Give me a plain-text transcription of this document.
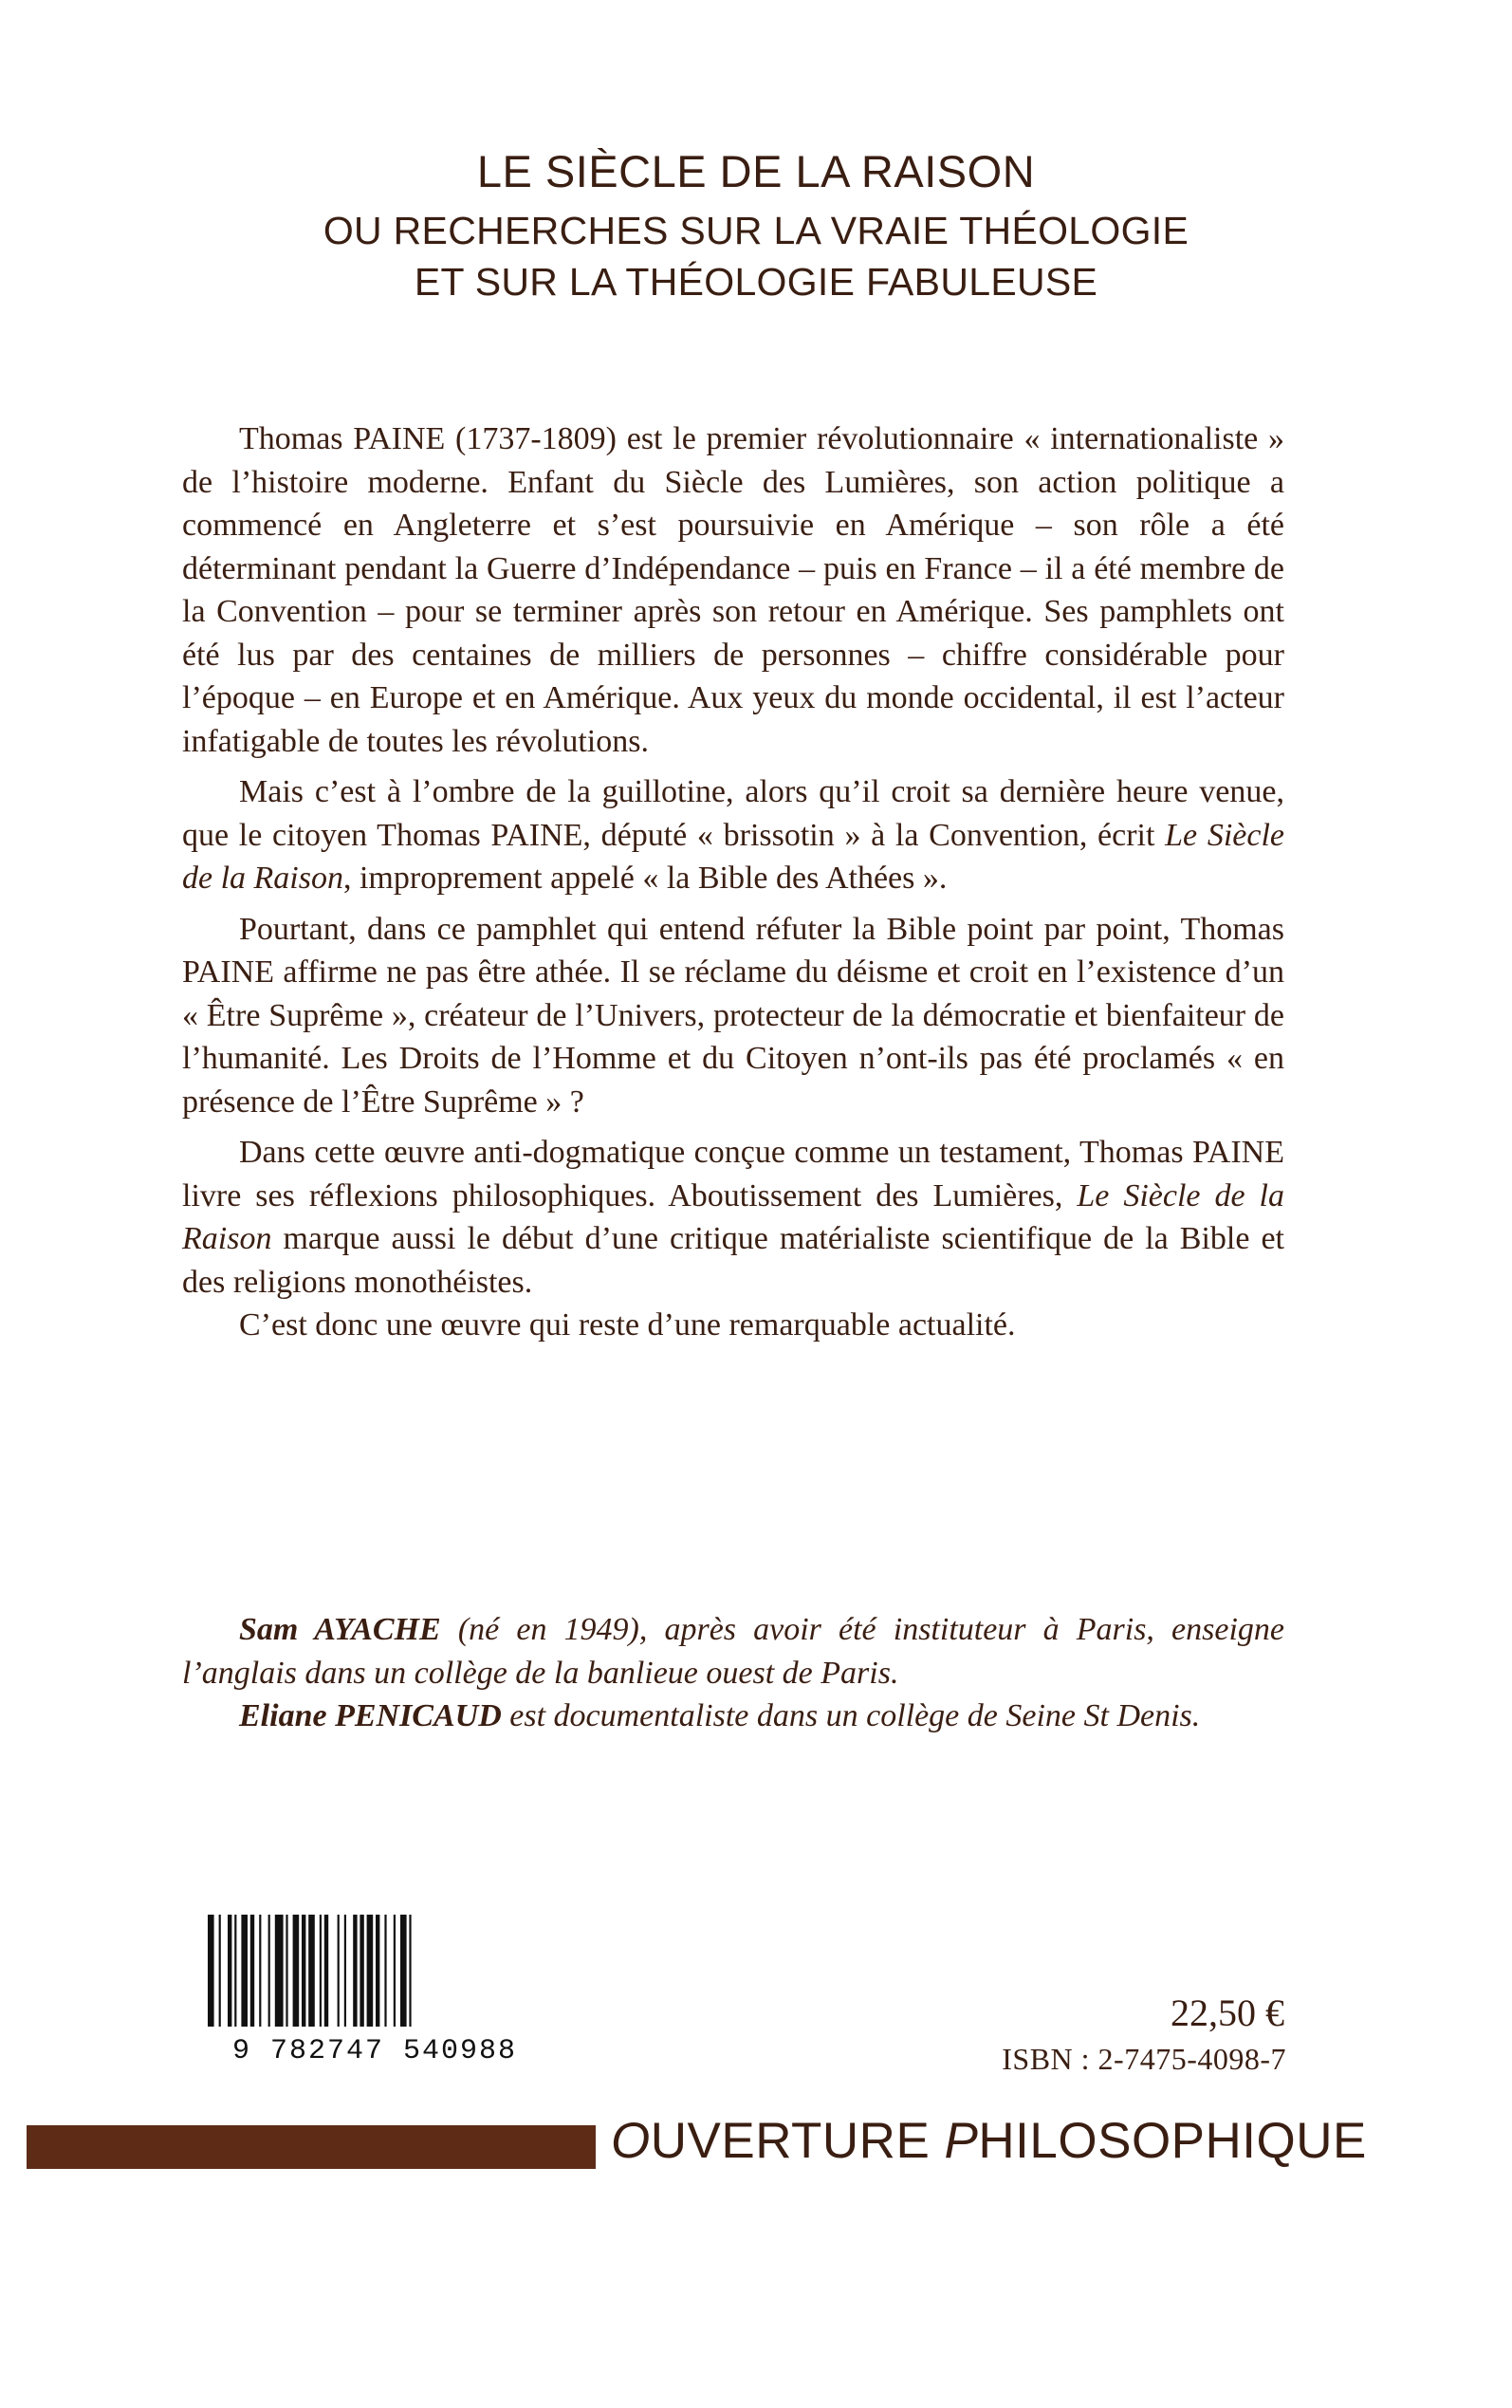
LE SIÈCLE DE LA RAISON
OU RECHERCHES SUR LA VRAIE THÉOLOGIE
ET SUR LA THÉOLOGIE FABULEUSE

Thomas PAINE (1737-1809) est le premier révolutionnaire « internationaliste » de l’histoire moderne. Enfant du Siècle des Lumières, son action politique a commencé en Angleterre et s’est poursuivie en Amérique – son rôle a été déterminant pendant la Guerre d’Indépendance – puis en France – il a été membre de la Convention – pour se terminer après son retour en Amérique. Ses pamphlets ont été lus par des centaines de milliers de personnes – chiffre considérable pour l’époque – en Europe et en Amérique. Aux yeux du monde occidental, il est l’acteur infatigable de toutes les révolutions.

Mais c’est à l’ombre de la guillotine, alors qu’il croit sa dernière heure venue, que le citoyen Thomas PAINE, député « brissotin » à la Convention, écrit Le Siècle de la Raison, improprement appelé « la Bible des Athées ».

Pourtant, dans ce pamphlet qui entend réfuter la Bible point par point, Thomas PAINE affirme ne pas être athée. Il se réclame du déisme et croit en l’existence d’un « Être Suprême », créateur de l’Univers, protecteur de la démocratie et bienfaiteur de l’humanité. Les Droits de l’Homme et du Citoyen n’ont-ils pas été proclamés « en présence de l’Être Suprême » ?

Dans cette œuvre anti-dogmatique conçue comme un testament, Thomas PAINE livre ses réflexions philosophiques. Aboutissement des Lumières, Le Siècle de la Raison marque aussi le début d’une critique matérialiste scientifique de la Bible et des religions monothéistes.

C’est donc une œuvre qui reste d’une remarquable actualité.

Sam AYACHE (né en 1949), après avoir été instituteur à Paris, enseigne l’anglais dans un collège de la banlieue ouest de Paris.

Eliane PENICAUD est documentaliste dans un collège de Seine St Denis.

9 782747 540988
22,50 €
ISBN : 2-7475-4098-7
OUVERTURE PHILOSOPHIQUE
